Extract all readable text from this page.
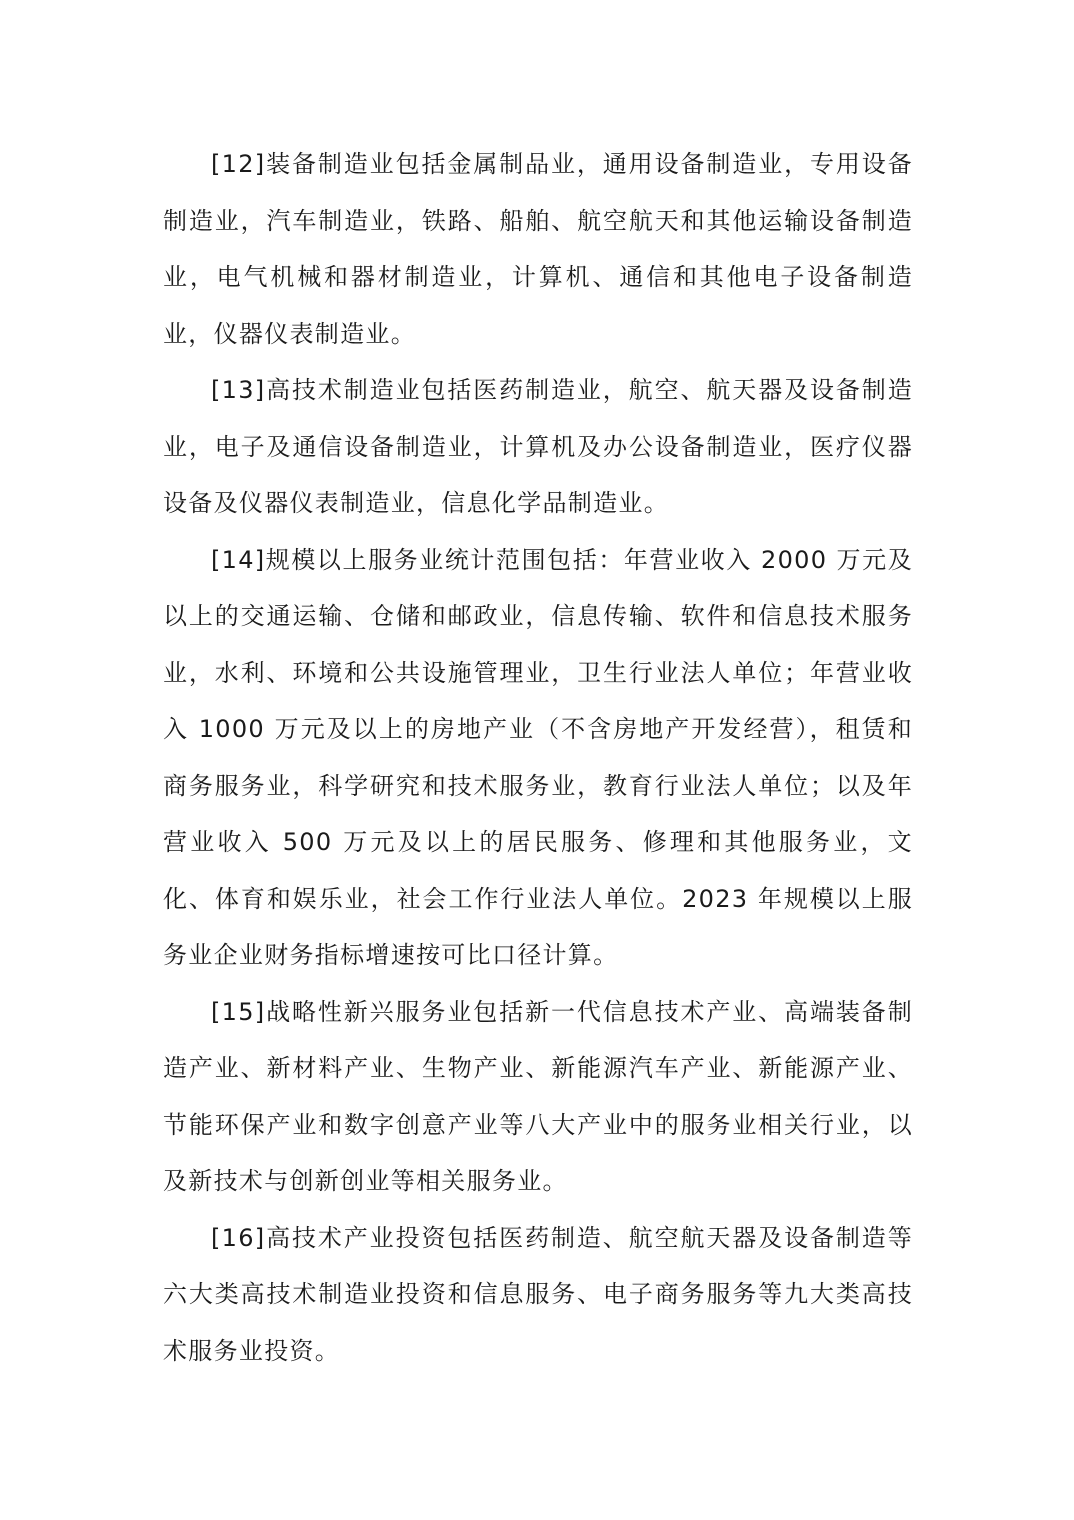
[12]装备制造业包括金属制品业，通用设备制造业，专用设备制造业，汽车制造业，铁路、船舶、航空航天和其他运输设备制造业，电气机械和器材制造业，计算机、通信和其他电子设备制造业，仪器仪表制造业。

[13]高技术制造业包括医药制造业，航空、航天器及设备制造业，电子及通信设备制造业，计算机及办公设备制造业，医疗仪器设备及仪器仪表制造业，信息化学品制造业。

[14]规模以上服务业统计范围包括：年营业收入 2000 万元及以上的交通运输、仓储和邮政业，信息传输、软件和信息技术服务业，水利、环境和公共设施管理业，卫生行业法人单位；年营业收入 1000 万元及以上的房地产业（不含房地产开发经营），租赁和商务服务业，科学研究和技术服务业，教育行业法人单位；以及年营业收入 500 万元及以上的居民服务、修理和其他服务业，文化、体育和娱乐业，社会工作行业法人单位。2023 年规模以上服务业企业财务指标增速按可比口径计算。

[15]战略性新兴服务业包括新一代信息技术产业、高端装备制造产业、新材料产业、生物产业、新能源汽车产业、新能源产业、节能环保产业和数字创意产业等八大产业中的服务业相关行业，以及新技术与创新创业等相关服务业。

[16]高技术产业投资包括医药制造、航空航天器及设备制造等六大类高技术制造业投资和信息服务、电子商务服务等九大类高技术服务业投资。
